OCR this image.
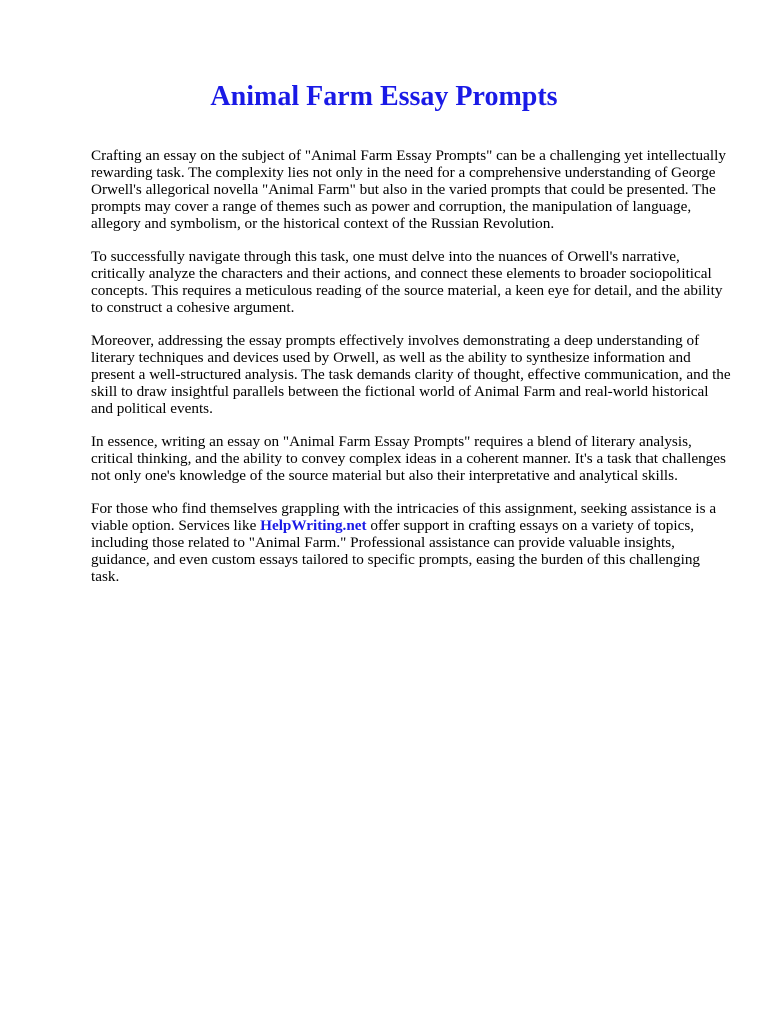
Animal Farm Essay Prompts

Crafting an essay on the subject of "Animal Farm Essay Prompts" can be a challenging yet intellectually rewarding task. The complexity lies not only in the need for a comprehensive understanding of George Orwell's allegorical novella "Animal Farm" but also in the varied prompts that could be presented. The prompts may cover a range of themes such as power and corruption, the manipulation of language, allegory and symbolism, or the historical context of the Russian Revolution.

To successfully navigate through this task, one must delve into the nuances of Orwell's narrative, critically analyze the characters and their actions, and connect these elements to broader sociopolitical concepts. This requires a meticulous reading of the source material, a keen eye for detail, and the ability to construct a cohesive argument.

Moreover, addressing the essay prompts effectively involves demonstrating a deep understanding of literary techniques and devices used by Orwell, as well as the ability to synthesize information and present a well-structured analysis. The task demands clarity of thought, effective communication, and the skill to draw insightful parallels between the fictional world of Animal Farm and real-world historical and political events.

In essence, writing an essay on "Animal Farm Essay Prompts" requires a blend of literary analysis, critical thinking, and the ability to convey complex ideas in a coherent manner. It's a task that challenges not only one's knowledge of the source material but also their interpretative and analytical skills.

For those who find themselves grappling with the intricacies of this assignment, seeking assistance is a viable option. Services like HelpWriting.net offer support in crafting essays on a variety of topics, including those related to "Animal Farm." Professional assistance can provide valuable insights, guidance, and even custom essays tailored to specific prompts, easing the burden of this challenging task.
